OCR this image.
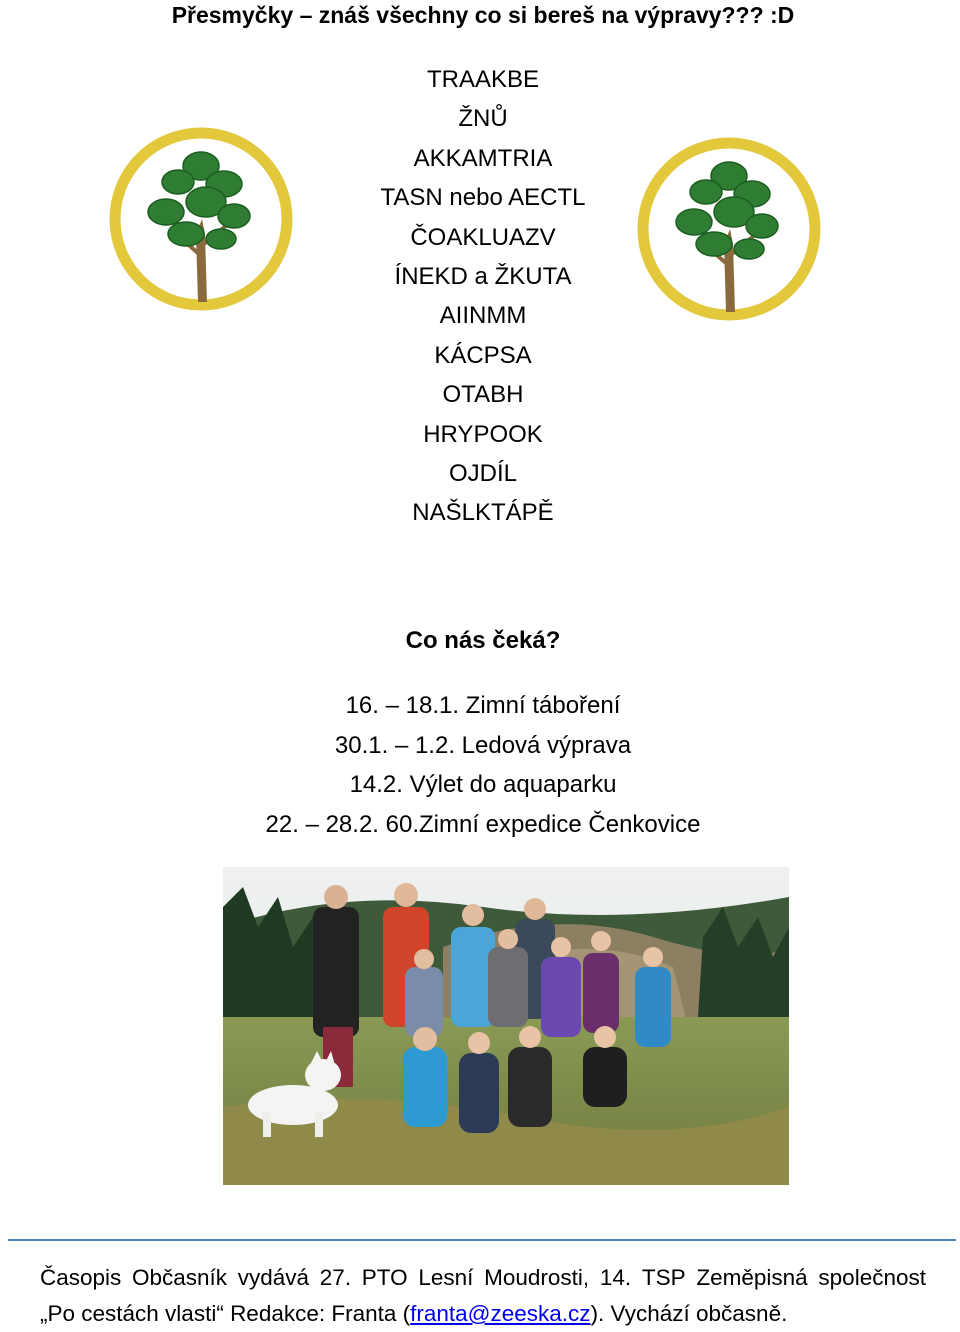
Přesmyčky – znáš všechny co si bereš na výpravy??? :D
TRAAKBE
ŽNŮ
AKKAMTRIA
TASN nebo AECTL
ČOAKLUAZV
ÍNEKD a ŽKUTA
AIINMM
KÁCPSA
OTABH
HRYPOOK
OJDÍL
NAŠLKTÁPĚ
Co nás čeká?
16. – 18.1. Zimní táboření
30.1. – 1.2. Ledová výprava
14.2. Výlet do aquaparku
22. – 28.2. 60.Zimní expedice Čenkovice
Časopis Občasník vydává 27. PTO Lesní Moudrosti, 14. TSP Zeměpisná společnost
„Po cestách vlasti“ Redakce: Franta (franta@zeeska.cz). Vychází občasně.
